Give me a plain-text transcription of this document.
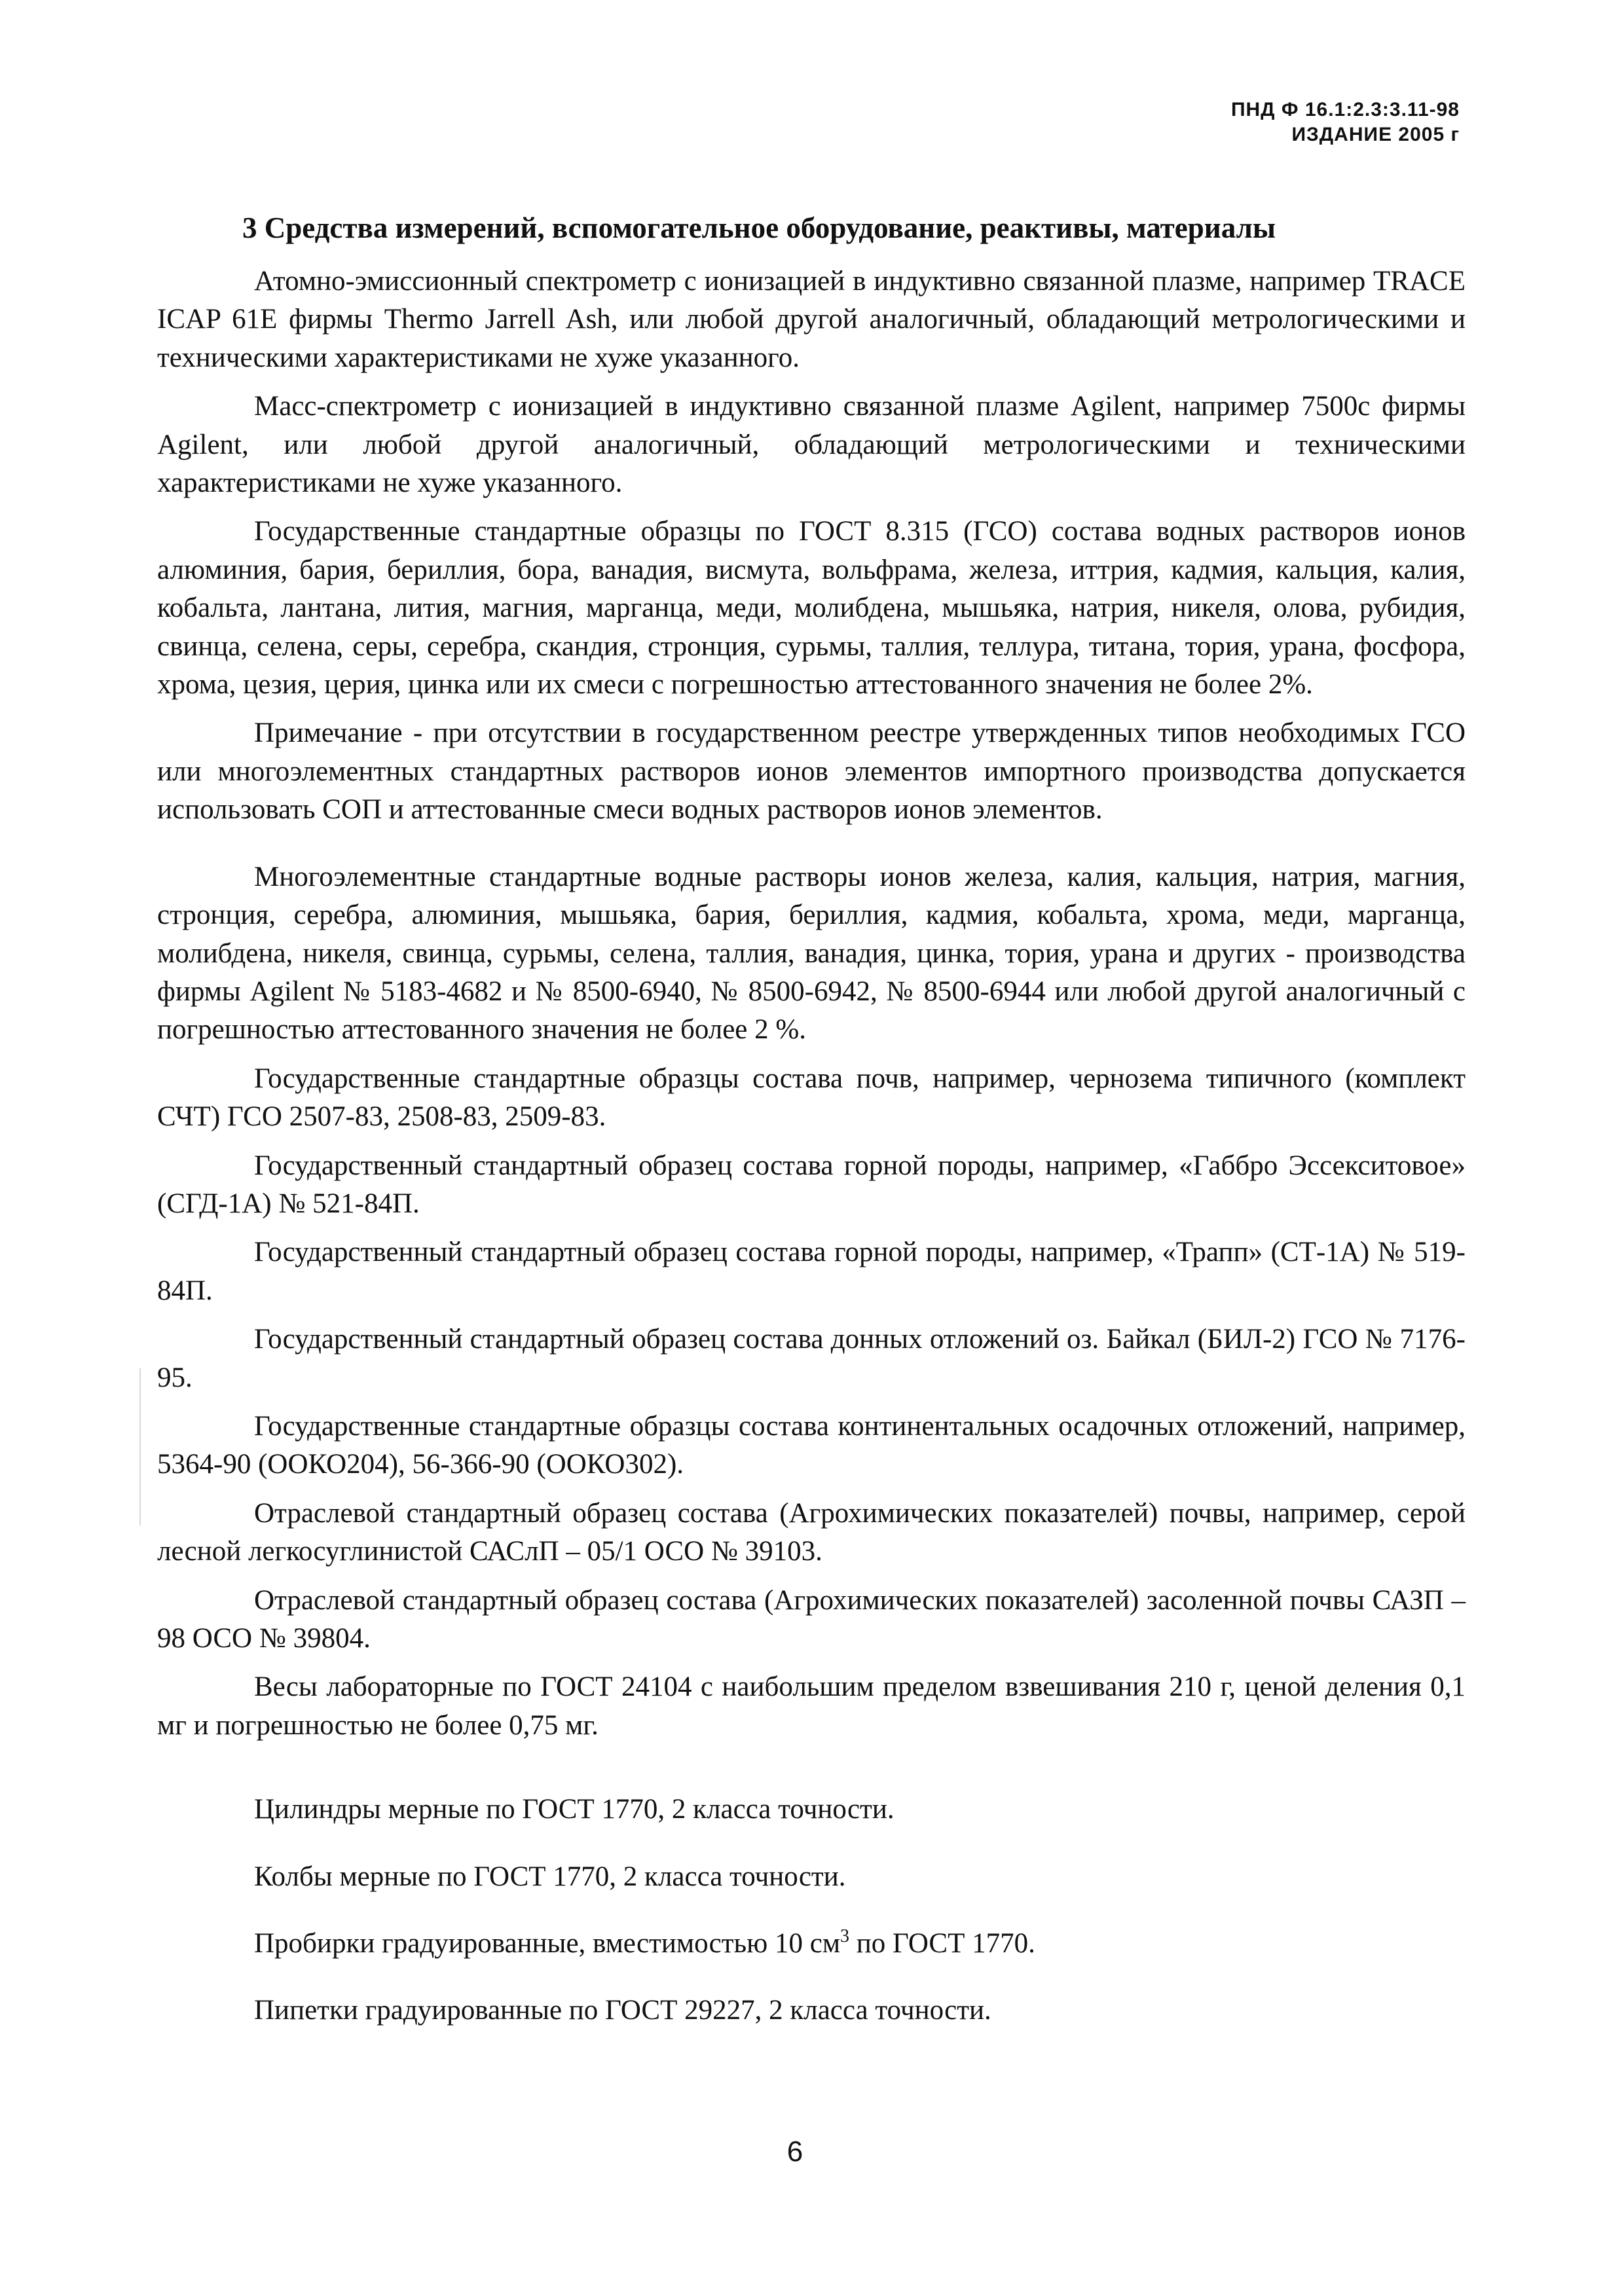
ПНД Ф 16.1:2.3:3.11-98
ИЗДАНИЕ 2005 г
3 Средства измерений, вспомогательное оборудование, реактивы, материалы

Атомно-эмиссионный спектрометр с ионизацией в индуктивно связанной плазме, например TRACE ICAP 61E фирмы Thermo Jarrell Ash, или любой другой аналогичный, обладающий метрологическими и техническими характеристиками не хуже указанного.

Масс-спектрометр с ионизацией в индуктивно связанной плазме Agilent, например 7500с фирмы Agilent, или любой другой аналогичный, обладающий метрологическими и техническими характеристиками не хуже указанного.

Государственные стандартные образцы по ГОСТ 8.315 (ГСО) состава водных растворов ионов алюминия, бария, бериллия, бора, ванадия, висмута, вольфрама, железа, иттрия, кадмия, кальция, калия, кобальта, лантана, лития, магния, марганца, меди, молибдена, мышьяка, натрия, никеля, олова, рубидия, свинца, селена, серы, серебра, скандия, стронция, сурьмы, таллия, теллура, титана, тория, урана, фосфора, хрома, цезия, церия, цинка или их смеси с погрешностью аттестованного значения не более 2%.

Примечание - при отсутствии в государственном реестре утвержденных типов необходимых ГСО или многоэлементных стандартных растворов ионов элементов импортного производства допускается использовать СОП и аттестованные смеси водных растворов ионов элементов.

Многоэлементные стандартные водные растворы ионов железа, калия, кальция, натрия, магния, стронция, серебра, алюминия, мышьяка, бария, бериллия, кадмия, кобальта, хрома, меди, марганца, молибдена, никеля, свинца, сурьмы, селена, таллия, ванадия, цинка, тория, урана и других - производства фирмы Agilent № 5183-4682 и № 8500-6940, № 8500-6942, № 8500-6944 или любой другой аналогичный с погрешностью аттестованного значения не более 2 %.

Государственные стандартные образцы состава почв, например, чернозема типичного (комплект СЧТ) ГСО 2507-83, 2508-83, 2509-83.

Государственный стандартный образец состава горной породы, например, «Габбро Эссекситовое» (СГД-1А) № 521-84П.

Государственный стандартный образец состава горной породы, например, «Трапп» (СТ-1А) № 519-84П.

Государственный стандартный образец состава донных отложений оз. Байкал (БИЛ-2) ГСО № 7176-95.

Государственные стандартные образцы состава континентальных осадочных отложений, например, 5364-90 (ООКО204), 56-366-90 (ООКО302).

Отраслевой стандартный образец состава (Агрохимических показателей) почвы, например, серой лесной легкосуглинистой САСлП – 05/1 ОСО № 39103.

Отраслевой стандартный образец состава (Агрохимических показателей) засоленной почвы САЗП – 98 ОСО № 39804.

Весы лабораторные по ГОСТ 24104 с наибольшим пределом взвешивания 210 г, ценой деления 0,1 мг и погрешностью не более 0,75 мг.

Цилиндры мерные по ГОСТ 1770, 2 класса точности.

Колбы мерные по ГОСТ 1770, 2 класса точности.

Пробирки градуированные, вместимостью 10 $см^3$ по ГОСТ 1770.

Пипетки градуированные по ГОСТ 29227, 2 класса точности.

6
